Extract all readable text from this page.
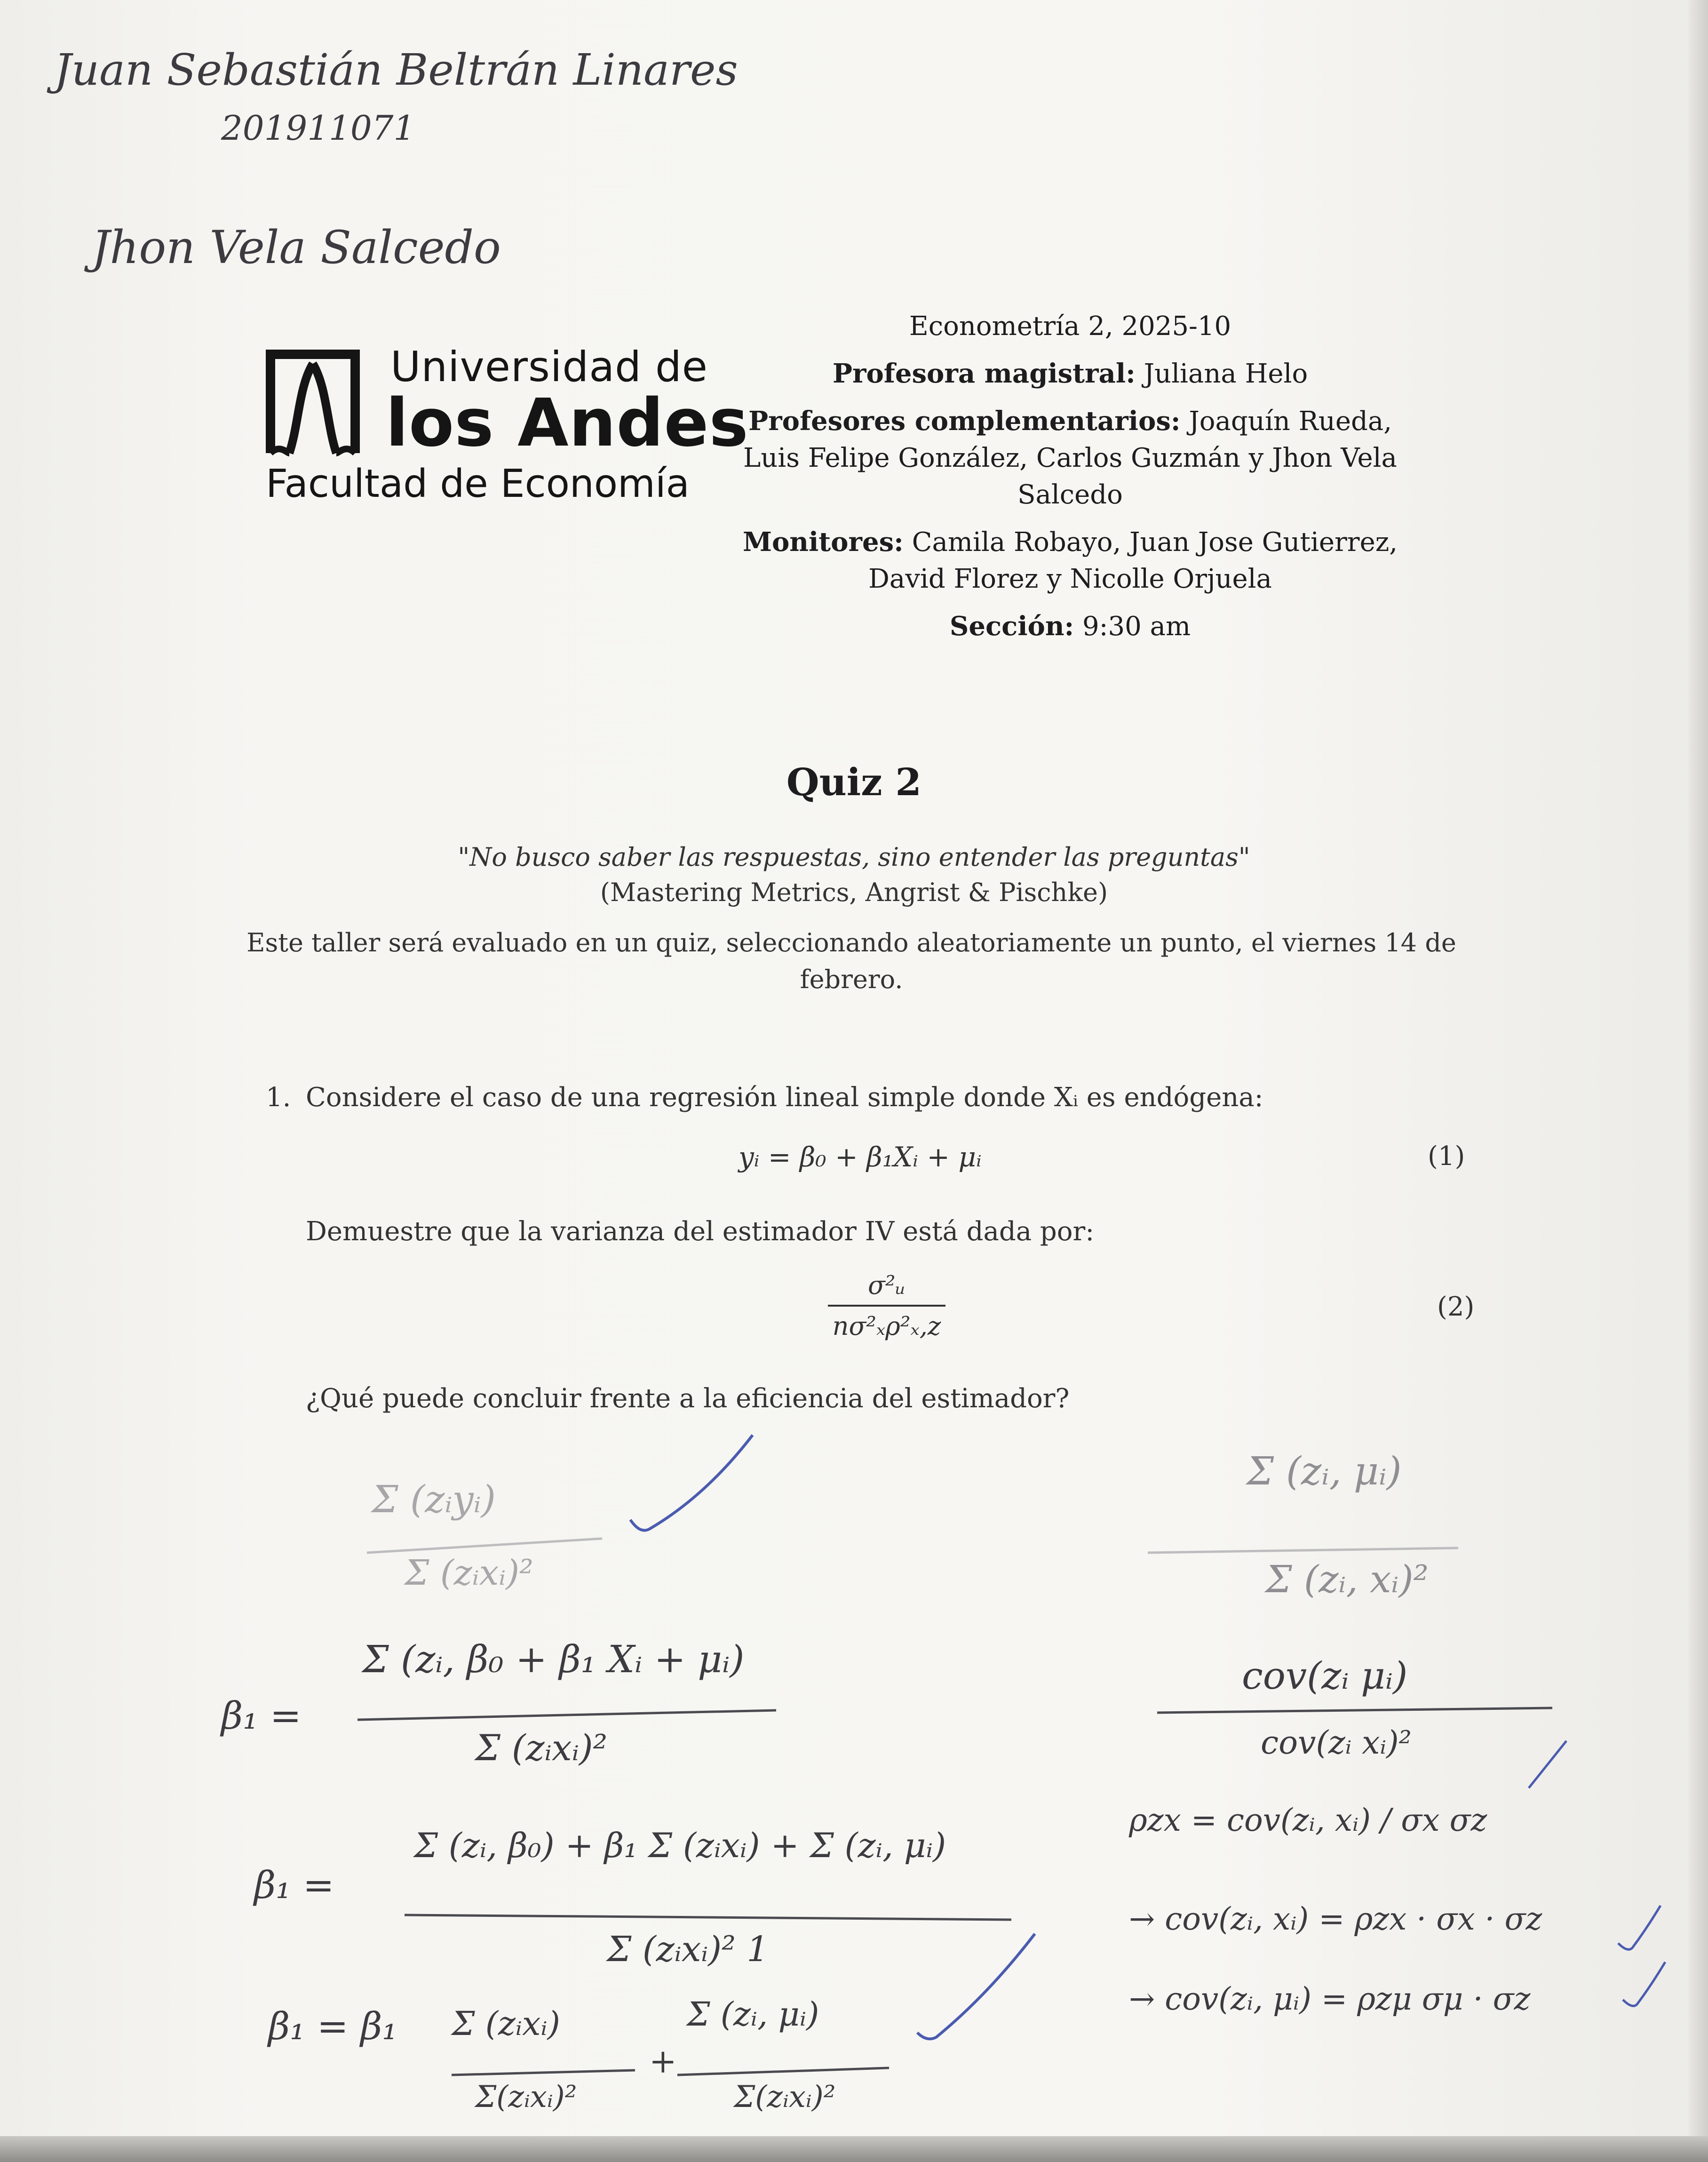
Juan Sebastián Beltrán Linares
201911071
Jhon Vela Salcedo
Universidad de
los Andes
Facultad de Economía

Econometría 2, 2025-10

Profesora magistral: Juliana Helo

Profesores complementarios: Joaquín Rueda, Luis Felipe González, Carlos Guzmán y Jhon Vela Salcedo

Monitores: Camila Robayo, Juan Jose Gutierrez, David Florez y Nicolle Orjuela

Sección: 9:30 am

Quiz 2
"No busco saber las respuestas, sino entender las preguntas"
(Mastering Metrics, Angrist & Pischke)
Este taller será evaluado en un quiz, seleccionando aleatoriamente un punto, el viernes 14 de febrero.
1. Considere el caso de una regresión lineal simple donde Xᵢ es endógena:
yᵢ = β₀ + β₁Xᵢ + μᵢ	(1)
Demuestre que la varianza del estimador IV está dada por:
σ²ᵤ
nσ²ₓρ²ₓ,z
(2)
¿Qué puede concluir frente a la eficiencia del estimador?
Σ (zᵢyᵢ)
Σ (zᵢxᵢ)²
β₁ =
Σ (zᵢ, β₀ + β₁ Xᵢ + μᵢ)
Σ (zᵢxᵢ)²
β₁ =
Σ (zᵢ, β₀) + β₁ Σ (zᵢxᵢ) + Σ (zᵢ, μᵢ)
Σ (zᵢxᵢ)² 1
β₁ = β₁ Σ (zᵢxᵢ)
Σ(zᵢxᵢ)²
+
Σ (zᵢ, μᵢ)
Σ(zᵢxᵢ)²
Σ (zᵢ, μᵢ)
Σ (zᵢ, xᵢ)²
cov(zᵢ μᵢ)
cov(zᵢ xᵢ)²
ρzx = cov(zᵢ, xᵢ) / σx σz
→ cov(zᵢ, xᵢ) = ρzx · σx · σz
→ cov(zᵢ, μᵢ) = ρzμ σμ · σz
